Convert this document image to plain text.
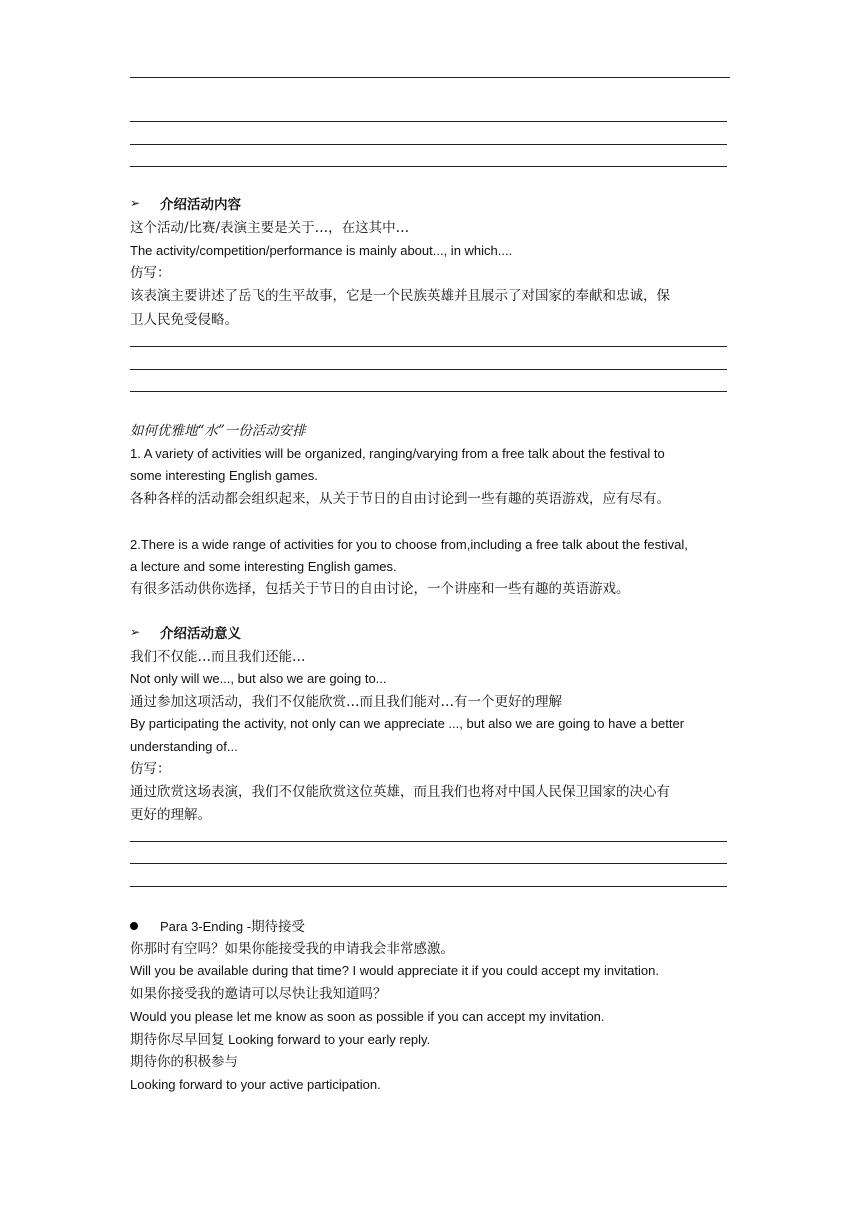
➢ 介绍活动内容
这个活动/比赛/表演主要是关于…，在这其中…
The activity/competition/performance is mainly about..., in which....
仿写：
该表演主要讲述了岳飞的生平故事，它是一个民族英雄并且展示了对国家的奉献和忠诚，保
卫人民免受侵略。
如何优雅地“水”一份活动安排
1. A variety of activities will be organized, ranging/varying from a free talk about the festival to
some interesting English games.
各种各样的活动都会组织起来，从关于节日的自由讨论到一些有趣的英语游戏，应有尽有。
2.There is a wide range of activities for you to choose from,including a free talk about the festival,
a lecture and some interesting English games.
有很多活动供你选择，包括关于节日的自由讨论，一个讲座和一些有趣的英语游戏。
➢ 介绍活动意义
我们不仅能…而且我们还能…
Not only will we..., but also we are going to...
通过参加这项活动，我们不仅能欣赏…而且我们能对…有一个更好的理解
By participating the activity, not only can we appreciate ..., but also we are going to have a better
understanding of...
仿写：
通过欣赏这场表演，我们不仅能欣赏这位英雄，而且我们也将对中国人民保卫国家的决心有
更好的理解。
Para 3-Ending -期待接受
你那时有空吗？如果你能接受我的申请我会非常感激。
Will you be available during that time? I would appreciate it if you could accept my invitation.
如果你接受我的邀请可以尽快让我知道吗？
Would you please let me know as soon as possible if you can accept my invitation.
期待你尽早回复 Looking forward to your early reply.
期待你的积极参与
Looking forward to your active participation.
